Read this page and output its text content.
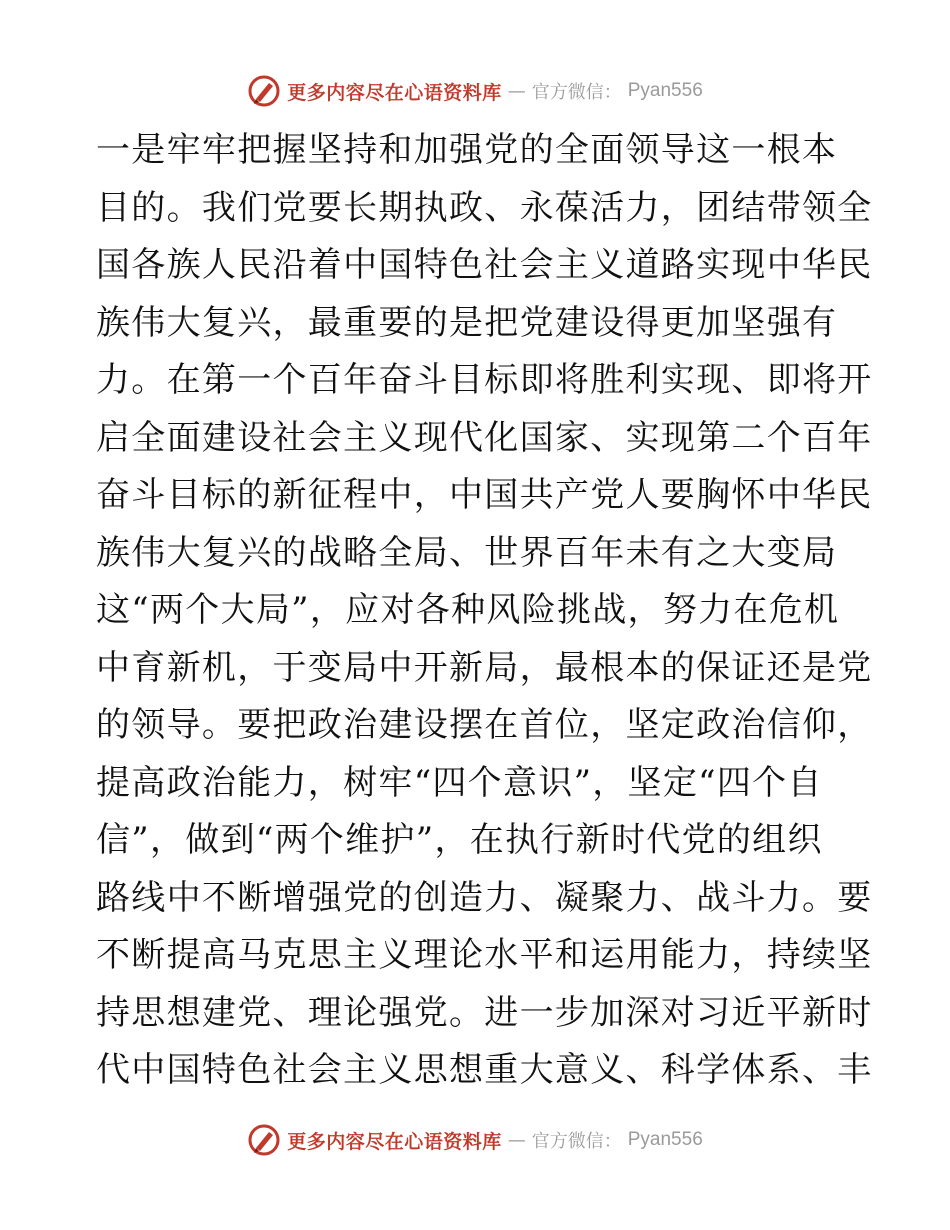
更多内容尽在心语资料库 — 官方微信： Pyan556
一是牢牢把握坚持和加强党的全面领导这一根本
目的。我们党要长期执政、永葆活力，团结带领全
国各族人民沿着中国特色社会主义道路实现中华民
族伟大复兴，最重要的是把党建设得更加坚强有
力。在第一个百年奋斗目标即将胜利实现、即将开
启全面建设社会主义现代化国家、实现第二个百年
奋斗目标的新征程中，中国共产党人要胸怀中华民
族伟大复兴的战略全局、世界百年未有之大变局
这“两个大局”，应对各种风险挑战，努力在危机
中育新机，于变局中开新局，最根本的保证还是党
的领导。要把政治建设摆在首位，坚定政治信仰，
提高政治能力，树牢“四个意识”，坚定“四个自
信”，做到“两个维护”，在执行新时代党的组织
路线中不断增强党的创造力、凝聚力、战斗力。要
不断提高马克思主义理论水平和运用能力，持续坚
持思想建党、理论强党。进一步加深对习近平新时
代中国特色社会主义思想重大意义、科学体系、丰
更多内容尽在心语资料库 — 官方微信： Pyan556
